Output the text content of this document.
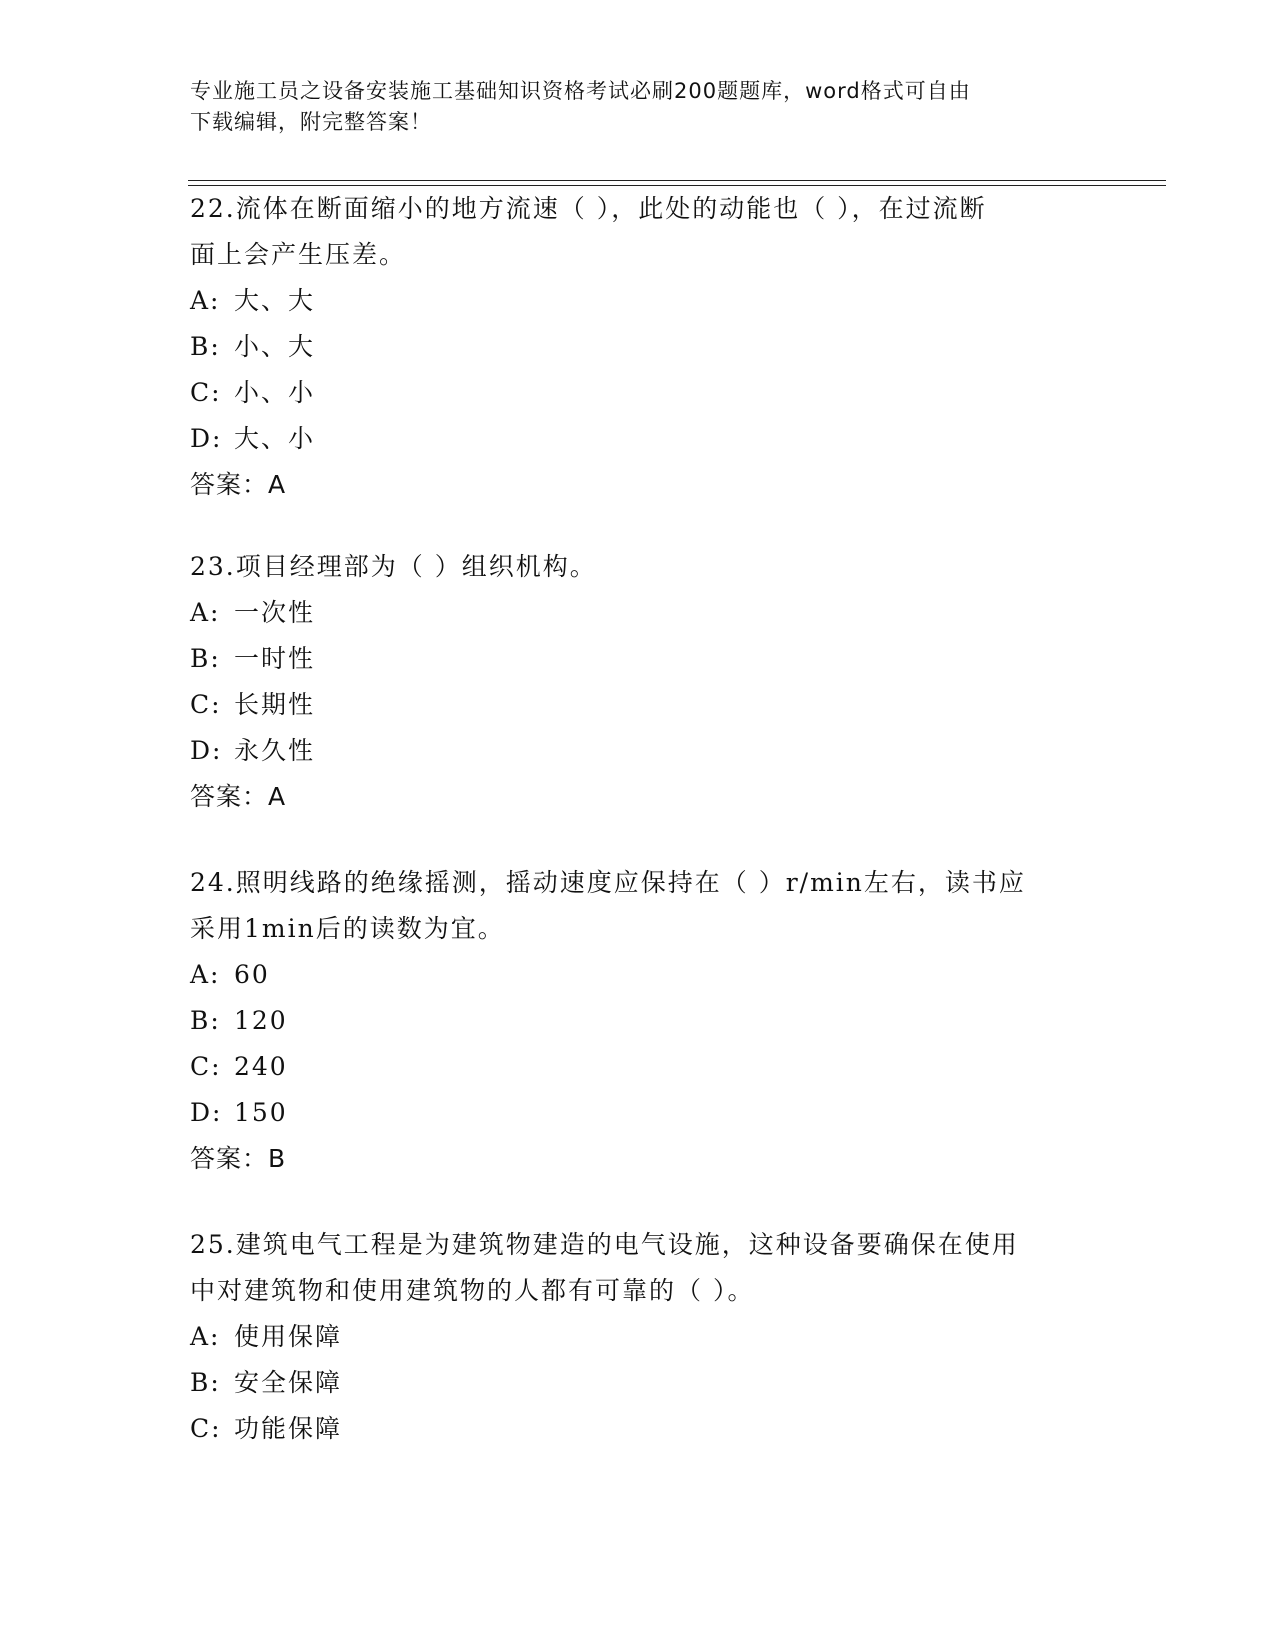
专业施工员之设备安装施工基础知识资格考试必刷200题题库，word格式可自由
下载编辑，附完整答案！

22.流体在断面缩小的地方流速（ ），此处的动能也（ ），在过流断

面上会产生压差。

A: 大、大
B: 小、大
C: 小、小
D: 大、小
答案：A

23.项目经理部为（ ）组织机构。

A: 一次性
B: 一时性
C: 长期性
D: 永久性
答案：A

24.照明线路的绝缘摇测，摇动速度应保持在（ ）r/min左右，读书应

采用1min后的读数为宜。

A: 60
B: 120
C: 240
D: 150
答案：B

25.建筑电气工程是为建筑物建造的电气设施，这种设备要确保在使用

中对建筑物和使用建筑物的人都有可靠的（ ）。

A: 使用保障
B: 安全保障
C: 功能保障
